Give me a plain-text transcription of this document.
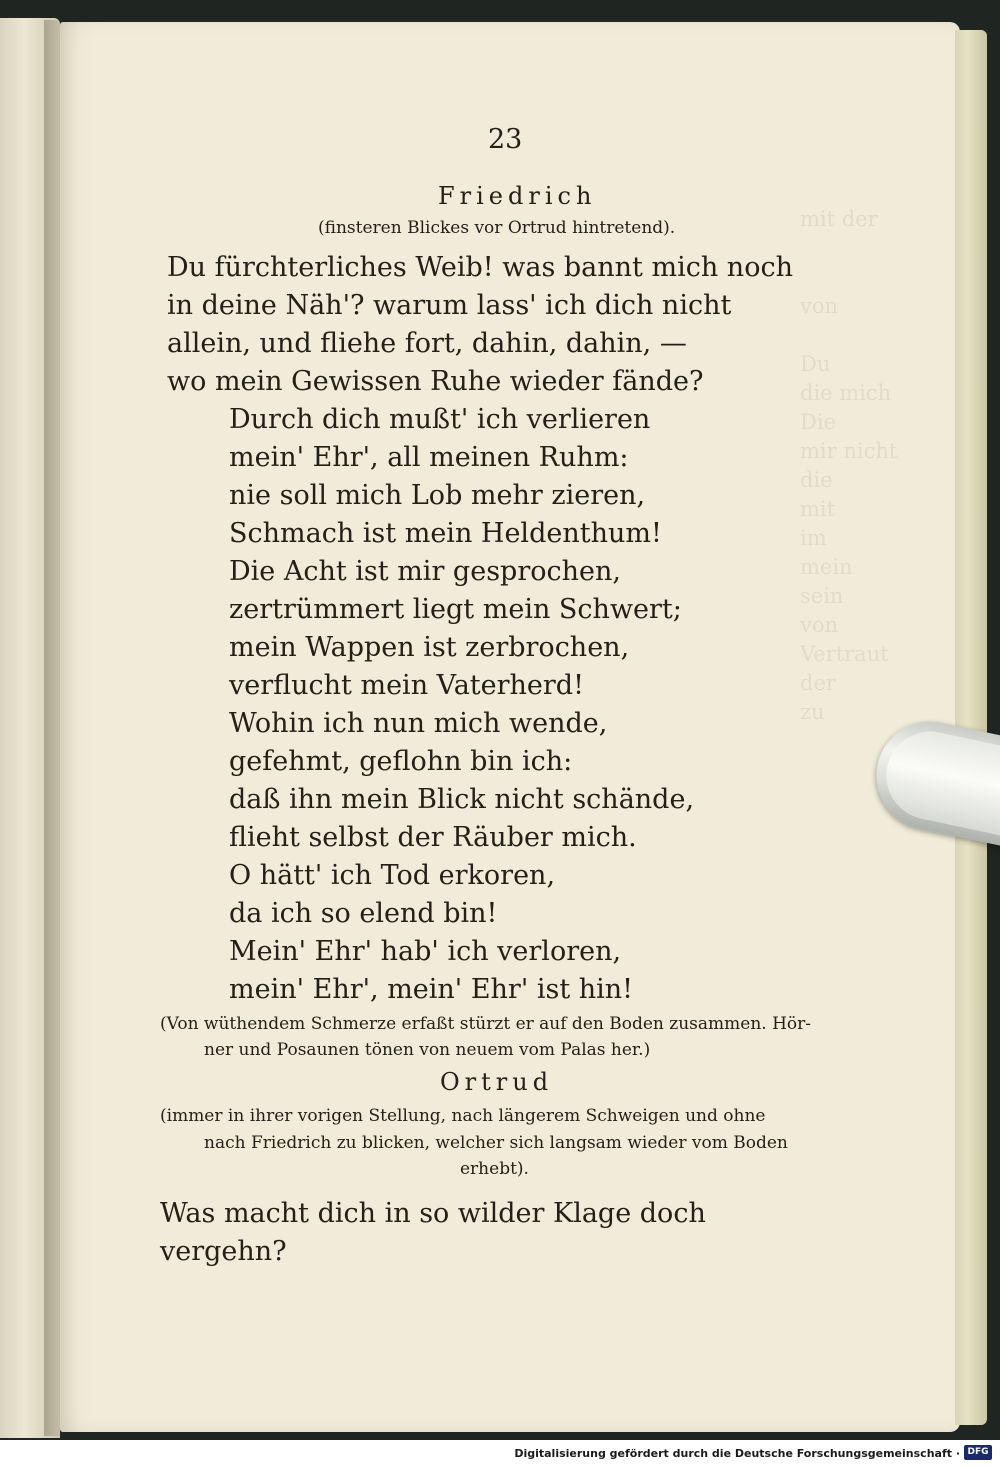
mit der

von

Du
die mich
Die
mir nicht
die
mit
im
mein
sein
von
Vertraut
der
zu
23
Friedrich
(finsteren Blickes vor Ortrud hintretend).
Du fürchterliches Weib! was bannt mich noch
in deine Näh'? warum lass' ich dich nicht
allein, und fliehe fort, dahin, dahin, —
wo mein Gewissen Ruhe wieder fände?
Durch dich mußt' ich verlieren
mein' Ehr', all meinen Ruhm:
nie soll mich Lob mehr zieren,
Schmach ist mein Heldenthum!
Die Acht ist mir gesprochen,
zertrümmert liegt mein Schwert;
mein Wappen ist zerbrochen,
verflucht mein Vaterherd!
Wohin ich nun mich wende,
gefehmt, geflohn bin ich:
daß ihn mein Blick nicht schände,
flieht selbst der Räuber mich.
O hätt' ich Tod erkoren,
da ich so elend bin!
Mein' Ehr' hab' ich verloren,
mein' Ehr', mein' Ehr' ist hin!
(Von wüthendem Schmerze erfaßt stürzt er auf den Boden zusammen. Hör-
ner und Posaunen tönen von neuem vom Palas her.)
Ortrud
(immer in ihrer vorigen Stellung, nach längerem Schweigen und ohne
nach Friedrich zu blicken, welcher sich langsam wieder vom Boden
erhebt).
Was macht dich in so wilder Klage doch
vergehn?
Digitalisierung gefördert durch die Deutsche Forschungsgemeinschaft · DFG
